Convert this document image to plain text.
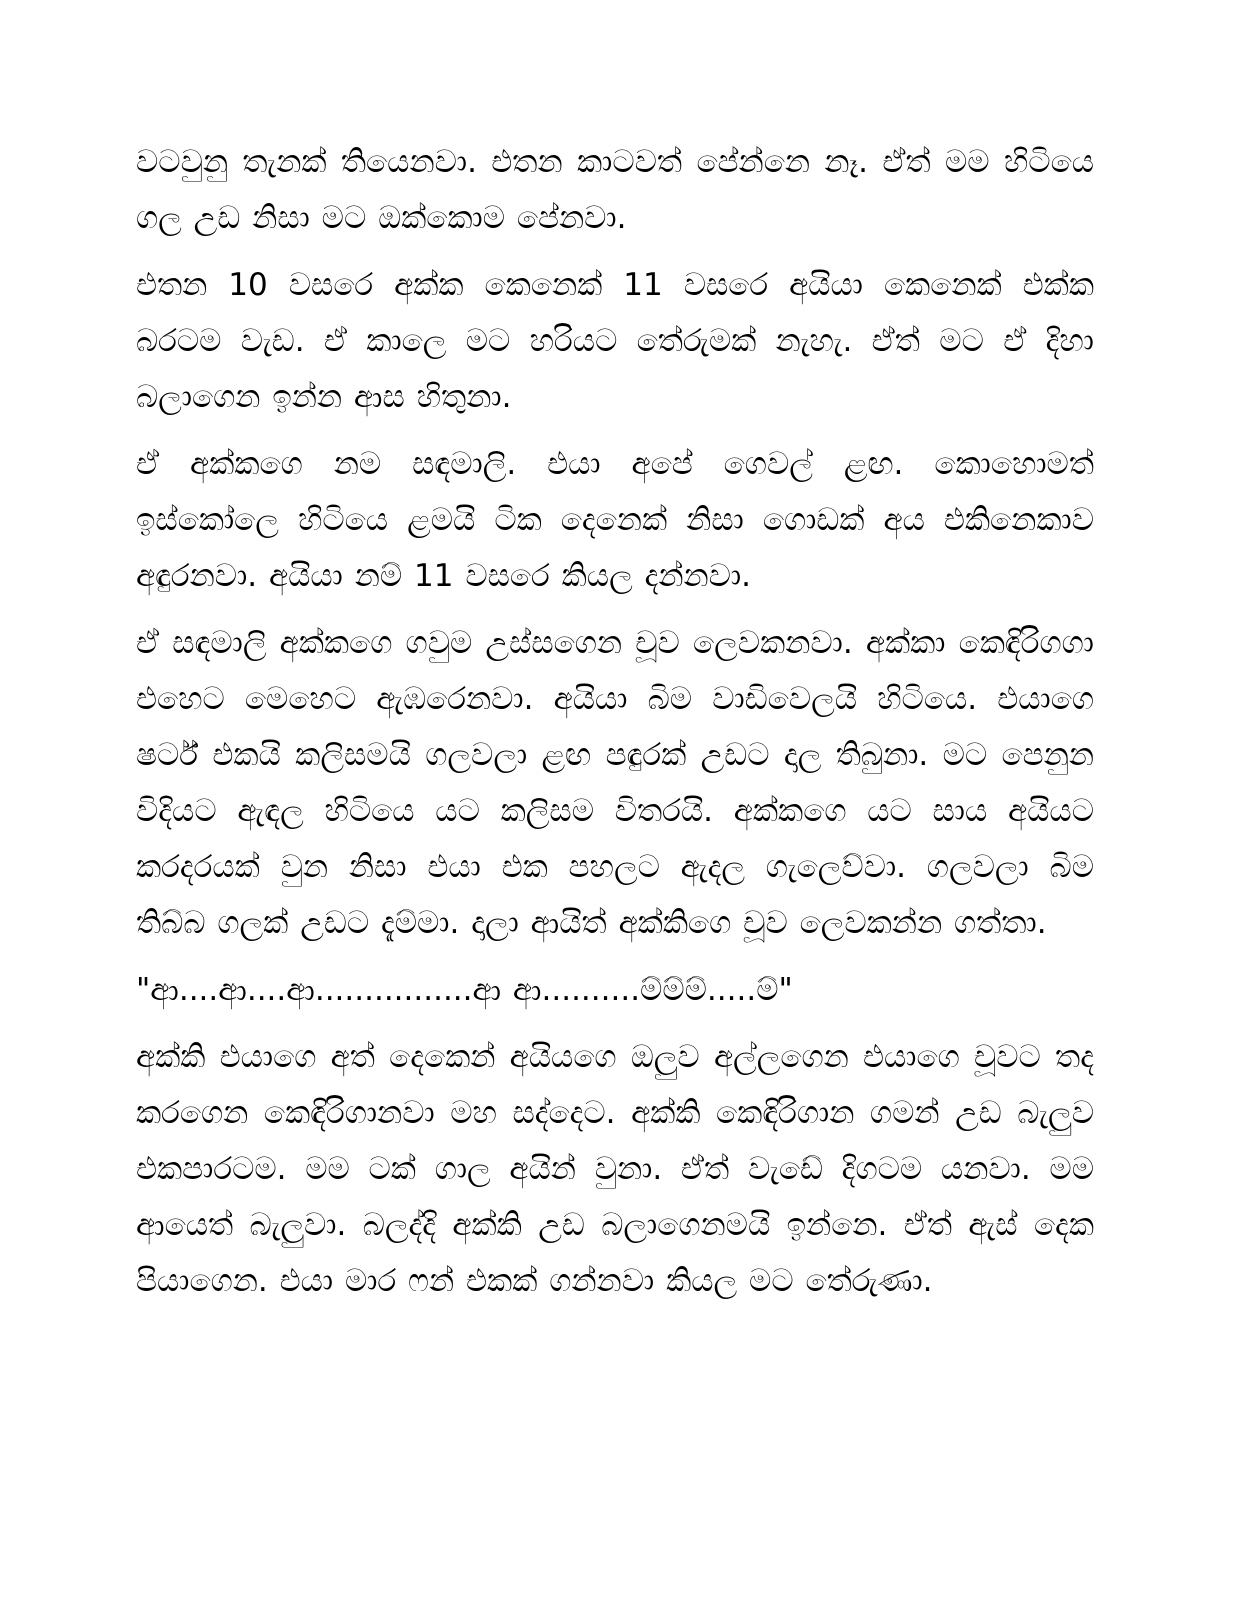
වටවුනු තැනක් තියෙනවා. එතන කාටවත් පේන්නෙ නෑ. ඒත් මම හිටියෙ ගල උඩ නිසා මට ඔක්කොම පේනවා.

එතන 10 වසරෙ අක්ක කෙනෙක් 11 වසරෙ අයියා කෙනෙක් එක්ක බරටම වැඩ. ඒ කාලෙ මට හරියට තේරුමක් නැහැ. ඒත් මට ඒ දිහා බලාගෙන ඉන්න ආස හිතුනා.

ඒ අක්කගෙ නම සඳමාලි. එයා අපේ ගෙවල් ළඟ. කොහොමත් ඉස්කෝලෙ හිටියෙ ළමයි ටික දෙනෙක් නිසා ගොඩක් අය එකිනෙකාව අඳුරනවා. අයියා නම් 11 වසරෙ කියල දන්නවා.

ඒ සඳමාලි අක්කගෙ ගවුම උස්සගෙන චූව ලෙවකනවා. අක්කා කෙඳිරිගගා එහෙට මෙහෙට ඇඹරෙනවා. අයියා බිම වාඩිවෙලයි හිටියෙ. එයාගෙ ෂර්ට් එකයි කලිසමයි ගලවලා ළඟ පඳුරක් උඩට දාල තිබුනා. මට පෙනුන විදියට ඇඳල හිටියෙ යට කලිසම විතරයි. අක්කගෙ යට සාය අයියට කරදරයක් වුන නිසා එයා එක පහලට ඇදල ගැලෙව්වා. ගලවලා බිම තිබ්බ ගලක් උඩට දැම්මා. දාලා ආයිත් අක්කිගෙ චූව ලෙවකන්න ගත්තා.

"ආ....ආ....ආ................ආ ආ..........ම්ම්ම්.....ම්"

අක්කි එයාගෙ අත් දෙකෙන් අයියගෙ ඔලුව අල්ලගෙන එයාගෙ චූවට තද කරගෙන කෙඳිරිගානවා මහ සද්දෙට. අක්කි කෙඳිරිගාන ගමන් උඩ බැලුව එකපාරටම. මම ටක් ගාල අයින් වුනා. ඒත් වැඩේ දිගටම යනවා. මම ආයෙත් බැලුවා. බලද්දි අක්කි උඩ බලාගෙනමයි ඉන්නෙ. ඒත් ඇස් දෙක පියාගෙන. එයා මාර ෆන් එකක් ගන්නවා කියල මට තේරුණා.
